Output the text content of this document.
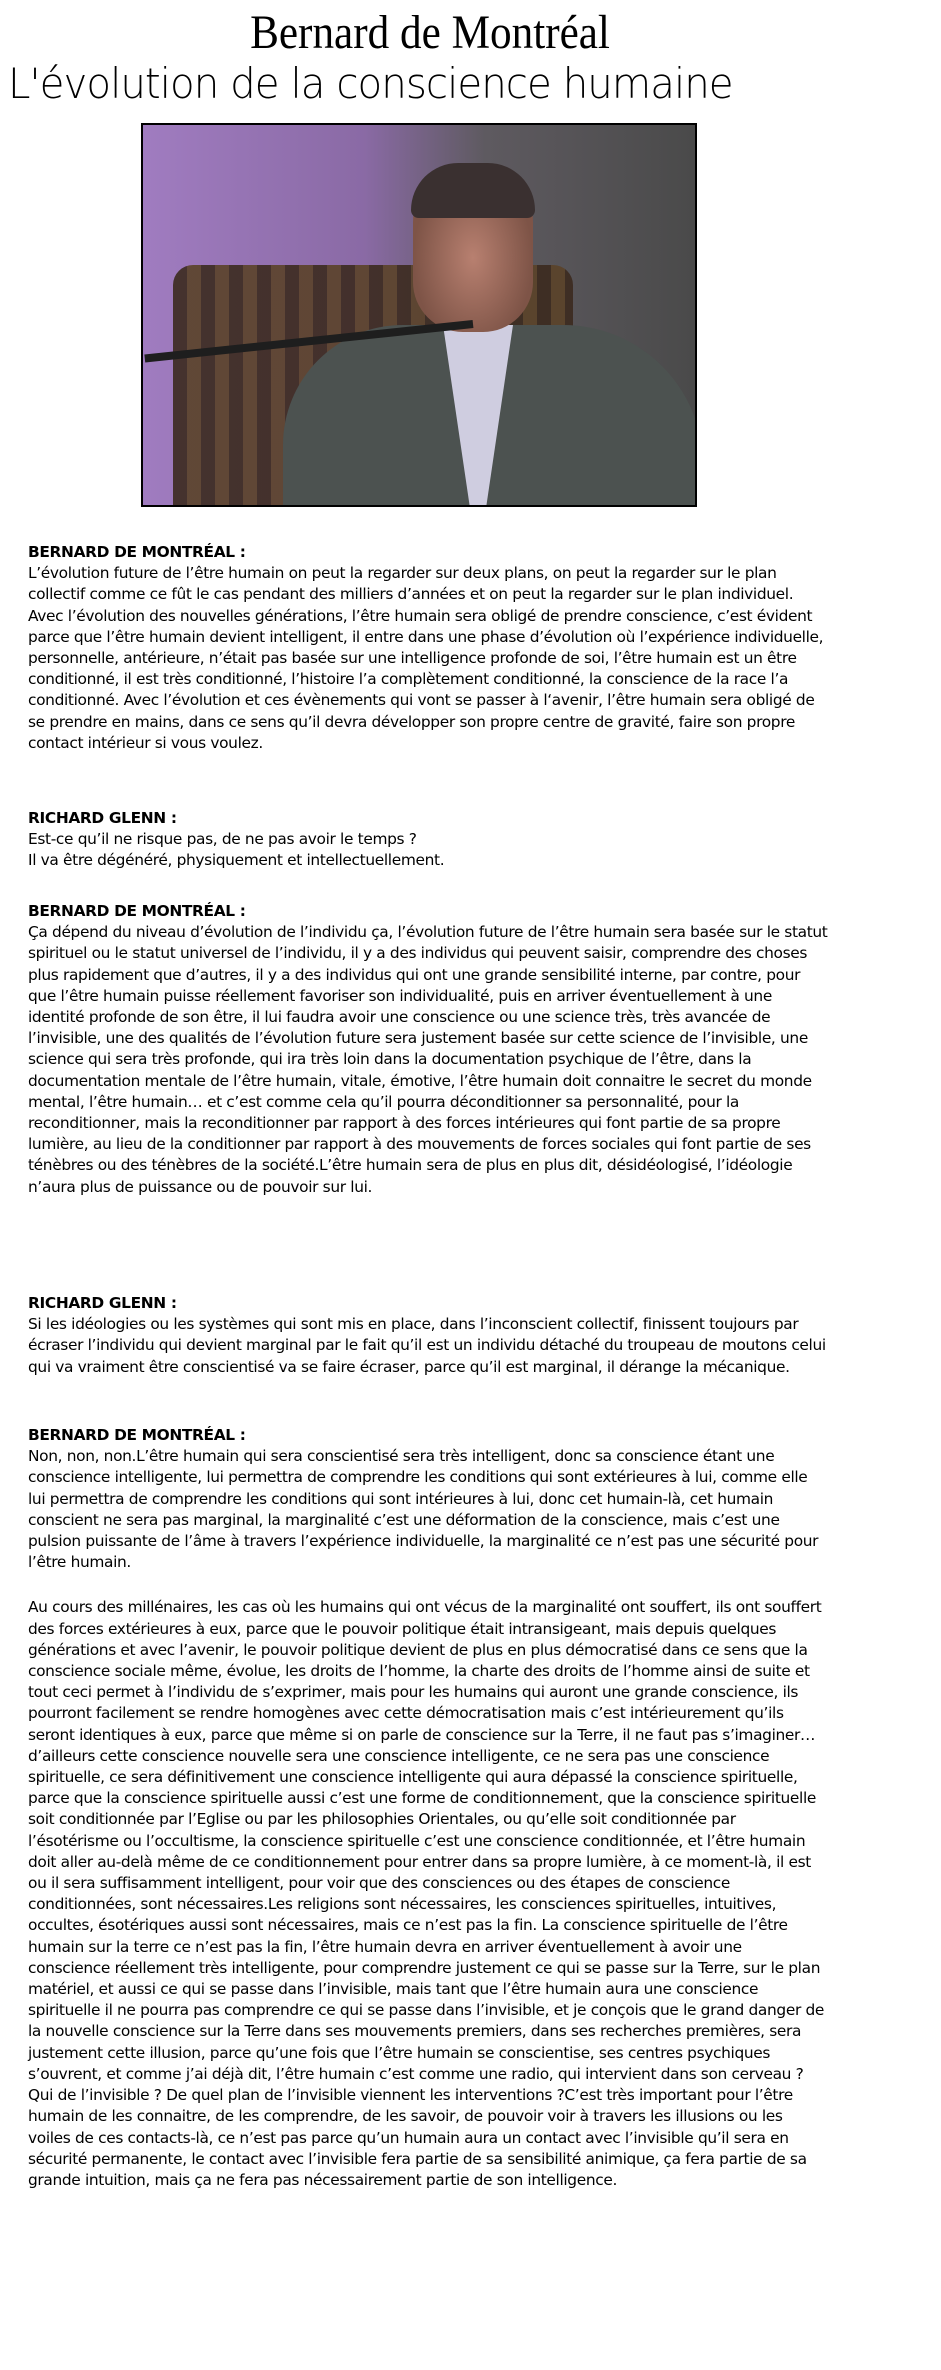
Bernard de Montréal
L'évolution de la conscience humaine
BERNARD DE MONTRÉAL :

L’évolution future de l’être humain on peut la regarder sur deux plans, on peut la regarder sur le plan collectif comme ce fût le cas pendant des milliers d’années et on peut la regarder sur le plan individuel. Avec l’évolution des nouvelles générations, l’être humain sera obligé de prendre conscience, c’est évident parce que l’être humain devient intelligent, il entre dans une phase d’évolution où l’expérience individuelle, personnelle, antérieure, n’était pas basée sur une intelligence profonde de soi, l’être humain est un être conditionné, il est très conditionné, l’histoire l’a complètement conditionné, la conscience de la race l’a conditionné. Avec l’évolution et ces évènements qui vont se passer à l‘avenir, l’être humain sera obligé de se prendre en mains, dans ce sens qu’il devra développer son propre centre de gravité, faire son propre contact intérieur si vous voulez.

RICHARD GLENN :

Est-ce qu’il ne risque pas, de ne pas avoir le temps ?

Il va être dégénéré, physiquement et intellectuellement.

BERNARD DE MONTRÉAL :

Ça dépend du niveau d’évolution de l’individu ça, l’évolution future de l’être humain sera basée sur le statut spirituel ou le statut universel de l’individu, il y a des individus qui peuvent saisir, comprendre des choses plus rapidement que d’autres, il y a des individus qui ont une grande sensibilité interne, par contre, pour que l’être humain puisse réellement favoriser son individualité, puis en arriver éventuellement à une identité profonde de son être, il lui faudra avoir une conscience ou une science très, très avancée de l’invisible, une des qualités de l’évolution future sera justement basée sur cette science de l’invisible, une science qui sera très profonde, qui ira très loin dans la documentation psychique de l’être, dans la documentation mentale de l’être humain, vitale, émotive, l’être humain doit connaitre le secret du monde mental, l’être humain… et c’est comme cela qu’il pourra déconditionner sa personnalité, pour la reconditionner, mais la reconditionner par rapport à des forces intérieures qui font partie de sa propre lumière, au lieu de la conditionner par rapport à des mouvements de forces sociales qui font partie de ses ténèbres ou des ténèbres de la société.L’être humain sera de plus en plus dit, désidéologisé, l’idéologie n’aura plus de puissance ou de pouvoir sur lui.

RICHARD GLENN :

Si les idéologies ou les systèmes qui sont mis en place, dans l’inconscient collectif, finissent toujours par écraser l’individu qui devient marginal par le fait qu’il est un individu détaché du troupeau de moutons celui qui va vraiment être conscientisé va se faire écraser, parce qu’il est marginal, il dérange la mécanique.

BERNARD DE MONTRÉAL :

Non, non, non.L’être humain qui sera conscientisé sera très intelligent, donc sa conscience étant une conscience intelligente, lui permettra de comprendre les conditions qui sont extérieures à lui, comme elle lui permettra de comprendre les conditions qui sont intérieures à lui, donc cet humain-là, cet humain conscient ne sera pas marginal, la marginalité c’est une déformation de la conscience, mais c’est une pulsion puissante de l’âme à travers l’expérience individuelle, la marginalité ce n’est pas une sécurité pour l’être humain.

Au cours des millénaires, les cas où les humains qui ont vécus de la marginalité ont souffert, ils ont souffert des forces extérieures à eux, parce que le pouvoir politique était intransigeant, mais depuis quelques générations et avec l’avenir, le pouvoir politique devient de plus en plus démocratisé dans ce sens que la conscience sociale même, évolue, les droits de l’homme, la charte des droits de l’homme ainsi de suite et tout ceci permet à l’individu de s’exprimer, mais pour les humains qui auront une grande conscience, ils pourront facilement se rendre homogènes avec cette démocratisation mais c’est intérieurement qu’ils seront identiques à eux, parce que même si on parle de conscience sur la Terre, il ne faut pas s’imaginer… d’ailleurs cette conscience nouvelle sera une conscience intelligente, ce ne sera pas une conscience spirituelle, ce sera définitivement une conscience intelligente qui aura dépassé la conscience spirituelle, parce que la conscience spirituelle aussi c’est une forme de conditionnement, que la conscience spirituelle soit conditionnée par l’Eglise ou par les philosophies Orientales, ou qu’elle soit conditionnée par l’ésotérisme ou l’occultisme, la conscience spirituelle c’est une conscience conditionnée, et l’être humain doit aller au-delà même de ce conditionnement pour entrer dans sa propre lumière, à ce moment-là, il est ou il sera suffisamment intelligent, pour voir que des consciences ou des étapes de conscience conditionnées, sont nécessaires.Les religions sont nécessaires, les consciences spirituelles, intuitives, occultes, ésotériques aussi sont nécessaires, mais ce n’est pas la fin. La conscience spirituelle de l’être humain sur la terre ce n’est pas la fin, l’être humain devra en arriver éventuellement à avoir une conscience réellement très intelligente, pour comprendre justement ce qui se passe sur la Terre, sur le plan matériel, et aussi ce qui se passe dans l’invisible, mais tant que l’être humain aura une conscience spirituelle il ne pourra pas comprendre ce qui se passe dans l’invisible, et je conçois que le grand danger de la nouvelle conscience sur la Terre dans ses mouvements premiers, dans ses recherches premières, sera justement cette illusion, parce qu’une fois que l’être humain se conscientise, ses centres psychiques s’ouvrent, et comme j’ai déjà dit, l’être humain c’est comme une radio, qui intervient dans son cerveau ? Qui de l’invisible ? De quel plan de l’invisible viennent les interventions ?C’est très important pour l’être humain de les connaitre, de les comprendre, de les savoir, de pouvoir voir à travers les illusions ou les voiles de ces contacts-là, ce n’est pas parce qu’un humain aura un contact avec l’invisible qu’il sera en sécurité permanente, le contact avec l’invisible fera partie de sa sensibilité animique, ça fera partie de sa grande intuition, mais ça ne fera pas nécessairement partie de son intelligence.
